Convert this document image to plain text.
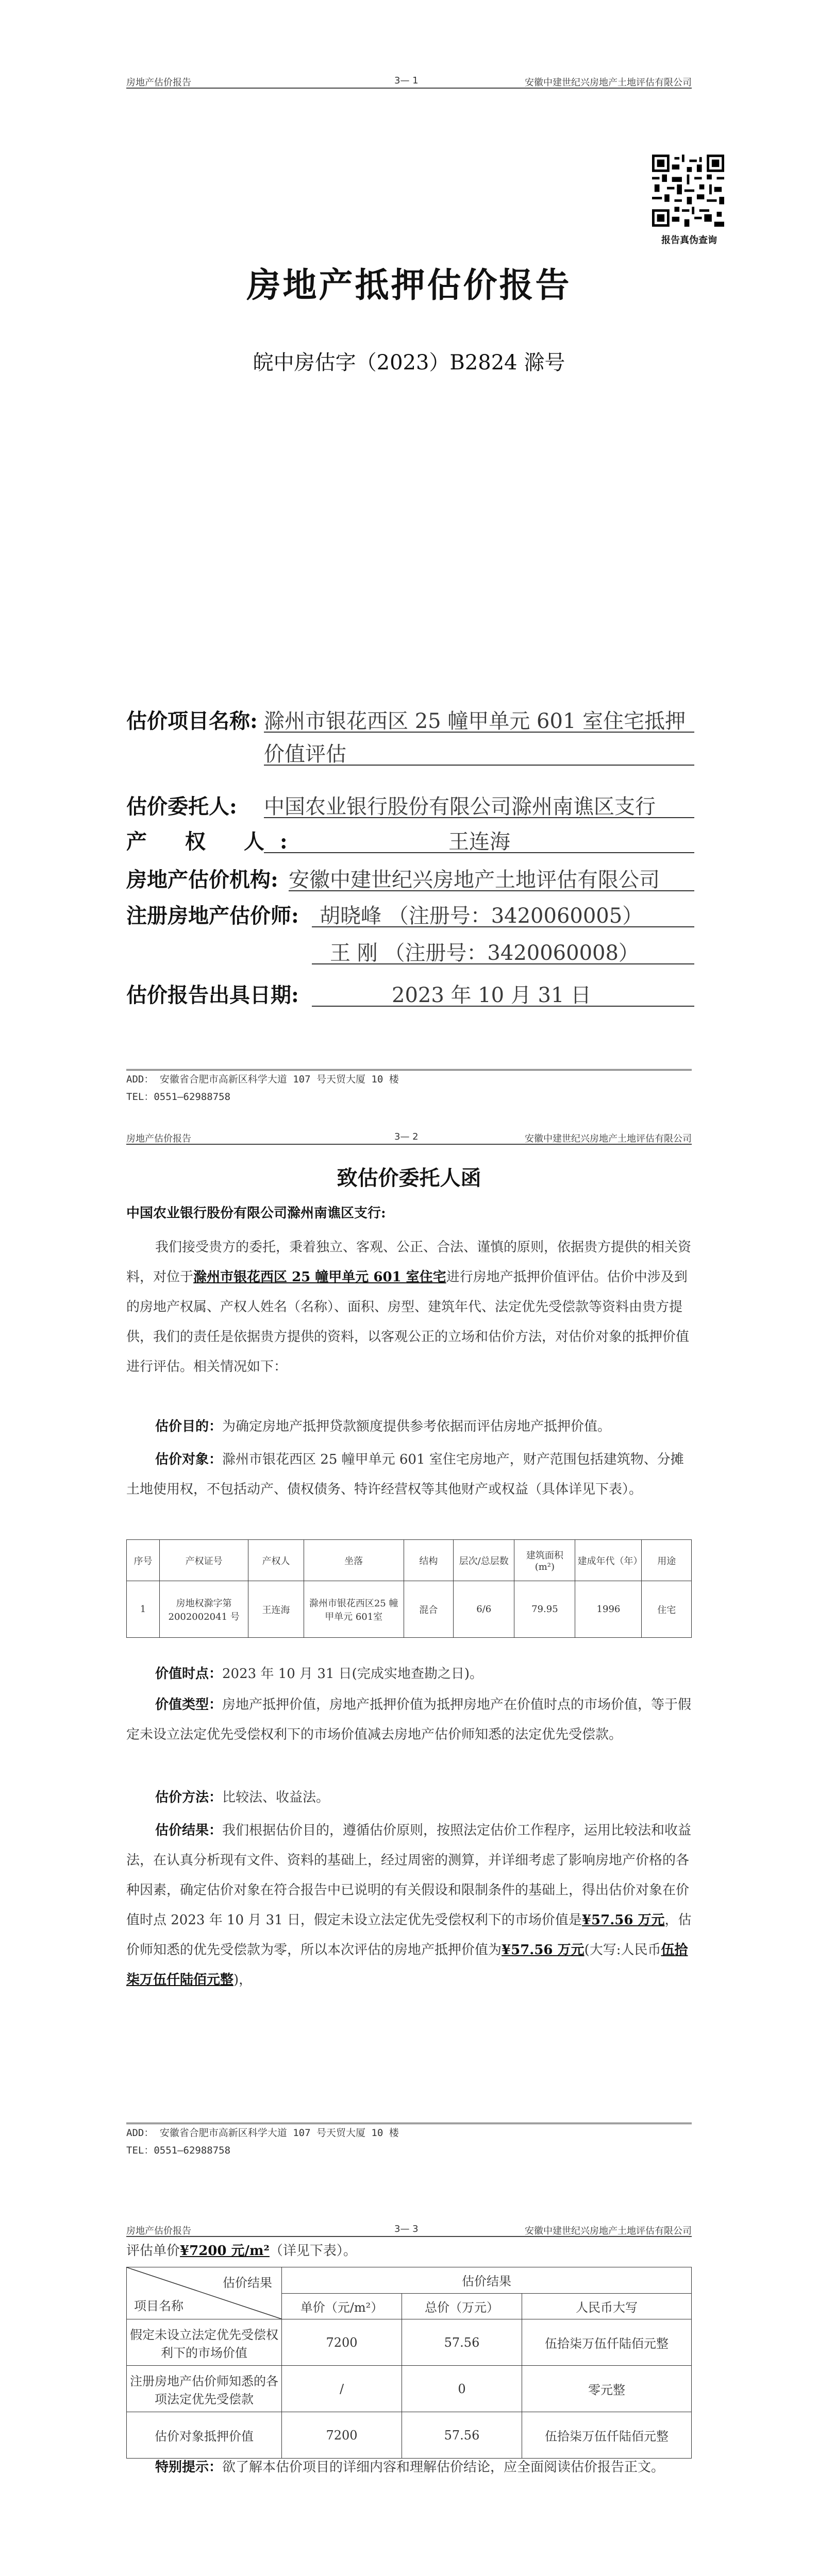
房地产估价报告	3— 1	安徽中建世纪兴房地产土地评估有限公司
报告真伪查询
房地产抵押估价报告
皖中房估字（2023）B2824 滁号
估价项目名称: 滁州市银花西区 25 幢甲单元 601 室住宅抵押
价值评估
估价委托人: 中国农业银行股份有限公司滁州南谯区支行
产 权 人:	王连海
房地产估价机构: 安徽中建世纪兴房地产土地评估有限公司
注册房地产估价师: 胡晓峰 （注册号：3420060005）
王 刚 （注册号：3420060008）
估价报告出具日期:	2023 年 10 月 31 日
ADD： 安徽省合肥市高新区科学大道 107 号天贸大厦 10 楼
TEL：0551—62988758
房地产估价报告	3— 2	安徽中建世纪兴房地产土地评估有限公司
致估价委托人函
中国农业银行股份有限公司滁州南谯区支行:
我们接受贵方的委托，秉着独立、客观、公正、合法、谨慎的原则，依据贵方提供的相关资料，对位于滁州市银花西区 25 幢甲单元 601 室住宅进行房地产抵押价值评估。估价中涉及到的房地产权属、产权人姓名（名称）、面积、房型、建筑年代、法定优先受偿款等资料由贵方提供，我们的责任是依据贵方提供的资料，以客观公正的立场和估价方法，对估价对象的抵押价值进行评估。相关情况如下：
估价目的：为确定房地产抵押贷款额度提供参考依据而评估房地产抵押价值。
估价对象：滁州市银花西区 25 幢甲单元 601 室住宅房地产，财产范围包括建筑物、分摊土地使用权，不包括动产、债权债务、特许经营权等其他财产或权益（具体详见下表）。
序号	产权证号	产权人	坐落	结构	层次/总层数	建筑面积(m²)	建成年代（年）	用途
1	房地权滁字第2002002041 号	王连海	滁州市银花西区25 幢甲单元 601室	混合	6/6	79.95	1996	住宅
价值时点：2023 年 10 月 31 日(完成实地查勘之日)。
价值类型：房地产抵押价值，房地产抵押价值为抵押房地产在价值时点的市场价值，等于假定未设立法定优先受偿权利下的市场价值减去房地产估价师知悉的法定优先受偿款。
估价方法：比较法、收益法。
估价结果：我们根据估价目的，遵循估价原则，按照法定估价工作程序，运用比较法和收益法，在认真分析现有文件、资料的基础上，经过周密的测算，并详细考虑了影响房地产价格的各种因素，确定估价对象在符合报告中已说明的有关假设和限制条件的基础上，得出估价对象在价值时点 2023 年 10 月 31 日，假定未设立法定优先受偿权利下的市场价值是¥57.56 万元，估价师知悉的优先受偿款为零，所以本次评估的房地产抵押价值为¥57.56 万元(大写:人民币伍拾柒万伍仟陆佰元整)，
ADD： 安徽省合肥市高新区科学大道 107 号天贸大厦 10 楼
TEL：0551—62988758
房地产估价报告	3— 3	安徽中建世纪兴房地产土地评估有限公司
评估单价¥7200 元/m²（详见下表）。
估价结果
项目名称	估价结果		
	单价（元/m²）	总价（万元）	人民币大写
假定未设立法定优先受偿权利下的市场价值	7200	57.56	伍拾柒万伍仟陆佰元整
注册房地产估价师知悉的各项法定优先受偿款	/	0	零元整
估价对象抵押价值	7200	57.56	伍拾柒万伍仟陆佰元整
特别提示：欲了解本估价项目的详细内容和理解估价结论，应全面阅读估价报告正文。
